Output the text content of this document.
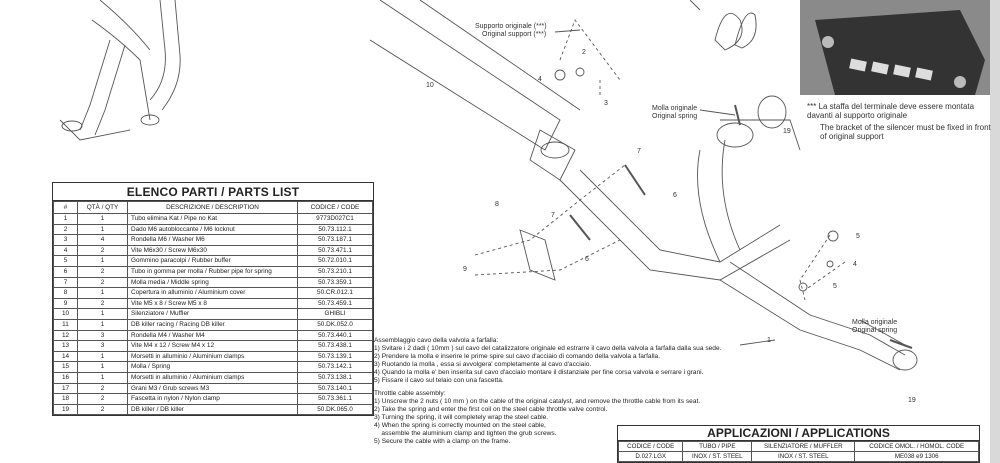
10
2
4
3
19
7
6
8
7
9
5
4
5
6
1
19
Supporto originale (***)
Original support (***)
Molla originale
Original spring
Molla originale
Original spring
*** La staffa del terminale deve essere montata davanti al supporto originale
The bracket of the silencer must be fixed in front of original support
ELENCO PARTI / PARTS LIST
#	QTÀ / QTY	DESCRIZIONE / DESCRIPTION	CODICE / CODE
1	1	Tubo elimina Kat / Pipe no Kat	9773D027C1
2	1	Dado M6 autobloccante / M6 locknut	50.73.112.1
3	4	Rondella M6 / Washer M6	50.73.187.1
4	2	Vite M6x30 / Screw M6x30	50.73.471.1
5	1	Gommino paracolpi / Rubber buffer	50.72.010.1
6	2	Tubo in gomma per molla / Rubber pipe for spring	50.73.210.1
7	2	Molla media / Middle spring	50.73.359.1
8	1	Copertura in alluminio / Aluminium cover	50.CR.012.1
9	2	Vite M5 x 8 / Screw M5 x 8	50.73.459.1
10	1	Silenziatore / Muffler	GHIBLI
11	1	DB killer racing / Racing DB killer	50.DK.052.0
12	3	Rondella M4 / Washer M4	50.73.440.1
13	3	Vite M4 x 12 / Screw M4 x 12	50.73.438.1
14	1	Morsetti in alluminio / Aluminium clamps	50.73.139.1
15	1	Molla / Spring	50.73.142.1
16	1	Morsetti in alluminio / Aluminium clamps	50.73.138.1
17	2	Grani M3 / Grub screws M3	50.73.140.1
18	2	Fascetta in nylon / Nylon clamp	50.73.361.1
19	2	DB killer / DB killer	50.DK.065.0

Assemblaggio cavo della valvola a farfalla:

1) Svitare i 2 dadi ( 10mm ) sul cavo del catalizzatore originale ed estrarre il cavo della valvola a farfalla dalla sua sede.

2) Prendere la molla e inserire le prime spire sul cavo d'acciaio di comando della valvola a farfalla.

3) Ruotando la molla , essa si avvolgera' completamente al cavo d'acciaio.

4) Quando la molla e' ben inserita sul cavo d'acciaio montare il distanziale per fine corsa valvola e serrare i grani.

5) Fissare il cavo sul telaio con una fascetta.

Throttle cable assembly:

1) Unscrew the 2 nuts ( 10 mm ) on the cable of the original catalyst, and remove the throttle cable from its seat.

2) Take the spring and enter the first coil on the steel cable throttle valve control.

3) Turning the spring, it will completely wrap the steel cable.

4) When the spring is correctly mounted on the steel cable,

assemble the aluminium clamp and tighten the grub screws.

5) Secure the cable with a clamp on the frame.

APPLICAZIONI / APPLICATIONS
CODICE / CODE	TUBO / PIPE	SILENZIATORE / MUFFLER	CODICE OMOL. / HOMOL. CODE
D.027.LGX	INOX / ST. STEEL	INOX / ST. STEEL	ME038 e9 1306
